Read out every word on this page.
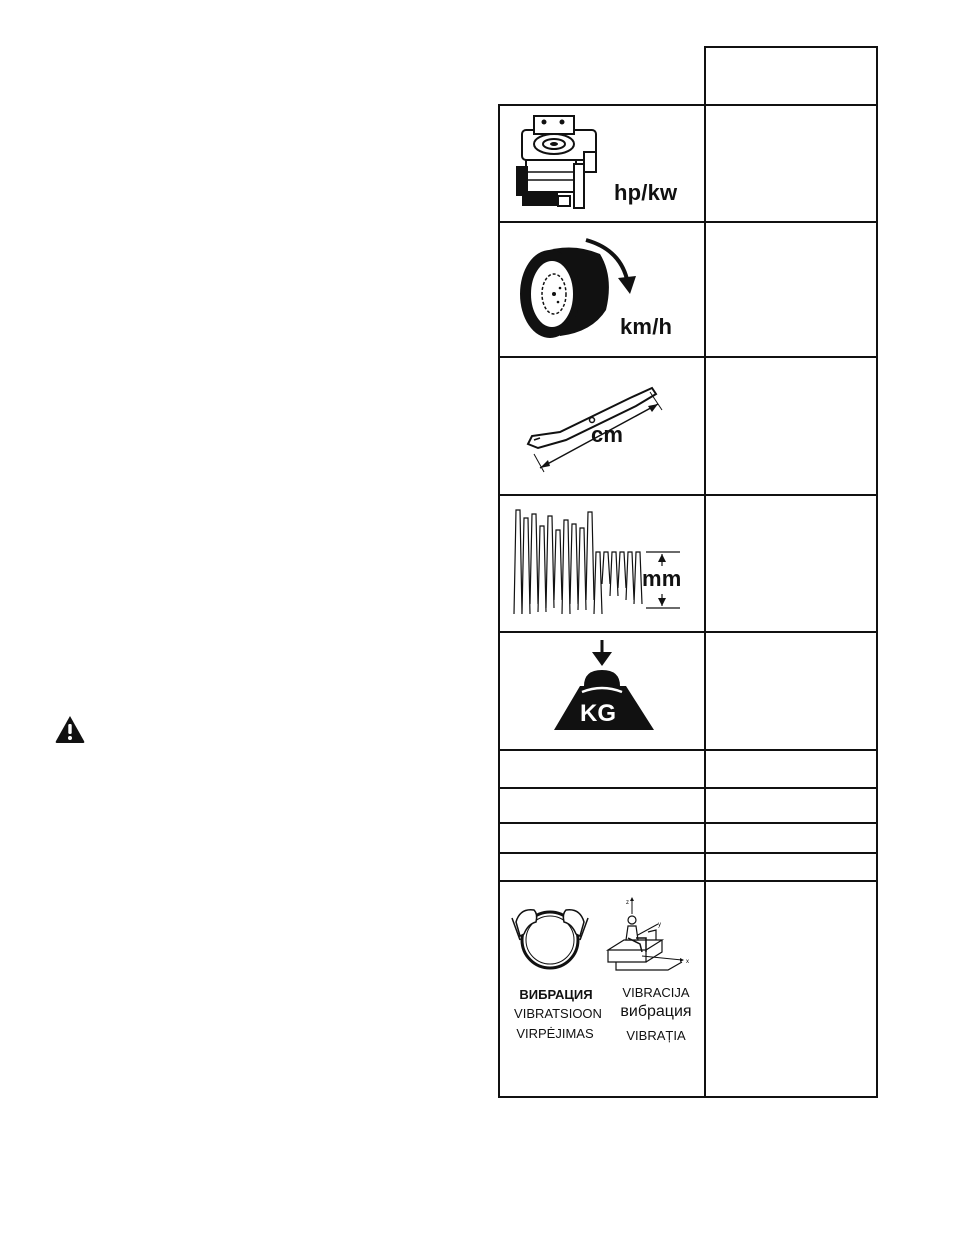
hp/kw
km/h
cm
mm
KG
z
y
x
ВИБРАЦИЯ
VIBRATSIOON
VIRPĖJIMAS
VIBRACIJA
вибрация
VIBRAȚIA
